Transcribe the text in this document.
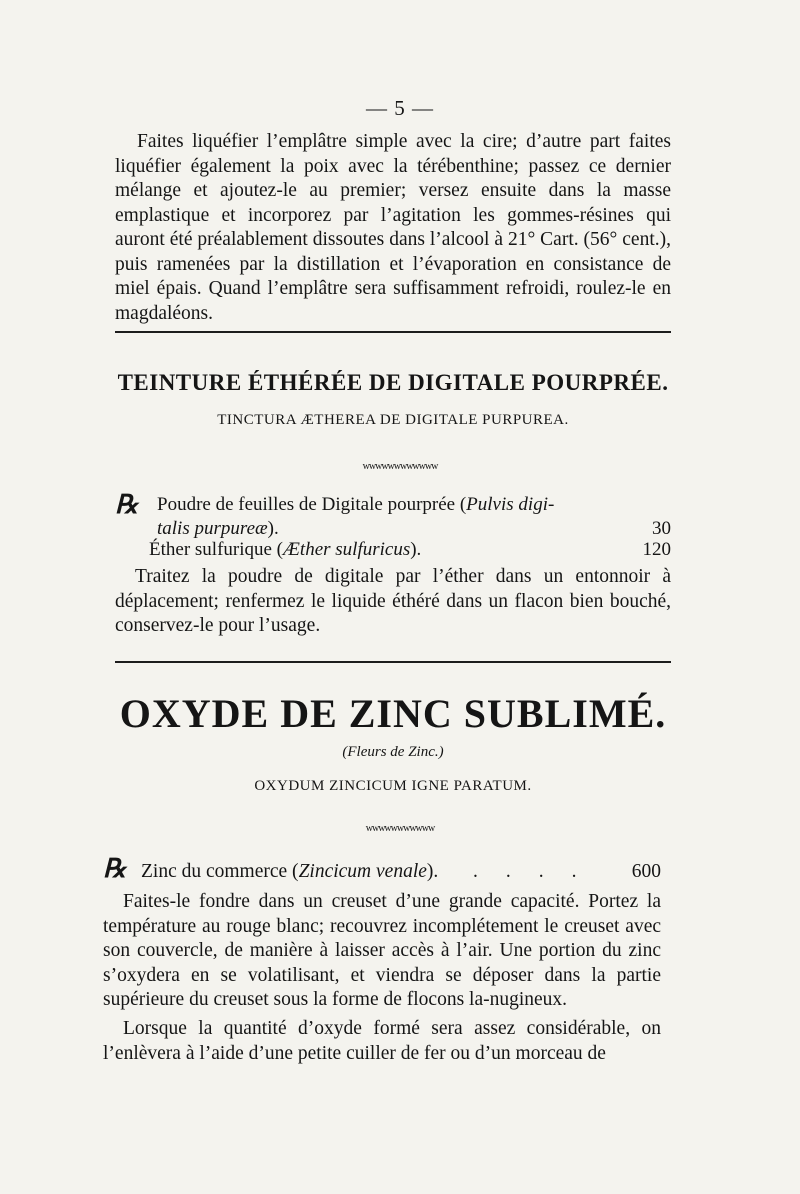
— 5 —
Faites liquéfier l’emplâtre simple avec la cire; d’autre part faites liquéfier également la poix avec la térébenthine; passez ce dernier mélange et ajoutez-le au premier; versez ensuite dans la masse emplastique et incorporez par l’agitation les gommes-résines qui auront été préalablement dissoutes dans l’alcool à 21° Cart. (56° cent.), puis ramenées par la distillation et l’évaporation en consistance de miel épais. Quand l’emplâtre sera suffisamment refroidi, roulez-le en magdaléons.
TEINTURE ÉTHÉRÉE DE DIGITALE POURPRÉE.
TINCTURA ÆTHEREA DE DIGITALE PURPUREA.
wwwwwwwwwwww
℞ Poudre de feuilles de Digitale pourprée (Pulvis digi-
talis purpureæ).	30
Éther sulfurique (Æther sulfuricus).	120
Traitez la poudre de digitale par l’éther dans un entonnoir à déplacement; renfermez le liquide éthéré dans un flacon bien bouché, conservez-le pour l’usage.
OXYDE DE ZINC SUBLIMÉ.
(Fleurs de Zinc.)
OXYDUM ZINCICUM IGNE PARATUM.
wwwwwwwwwww
℞ Zinc du commerce (Zincicum venale). .... 600
Faites-le fondre dans un creuset d’une grande capacité. Portez la température au rouge blanc; recouvrez incomplétement le creuset avec son couvercle, de manière à laisser accès à l’air. Une portion du zinc s’oxydera en se volatilisant, et viendra se déposer dans la partie supérieure du creuset sous la forme de flocons la-nugineux.
Lorsque la quantité d’oxyde formé sera assez considérable, on l’enlèvera à l’aide d’une petite cuiller de fer ou d’un morceau de
